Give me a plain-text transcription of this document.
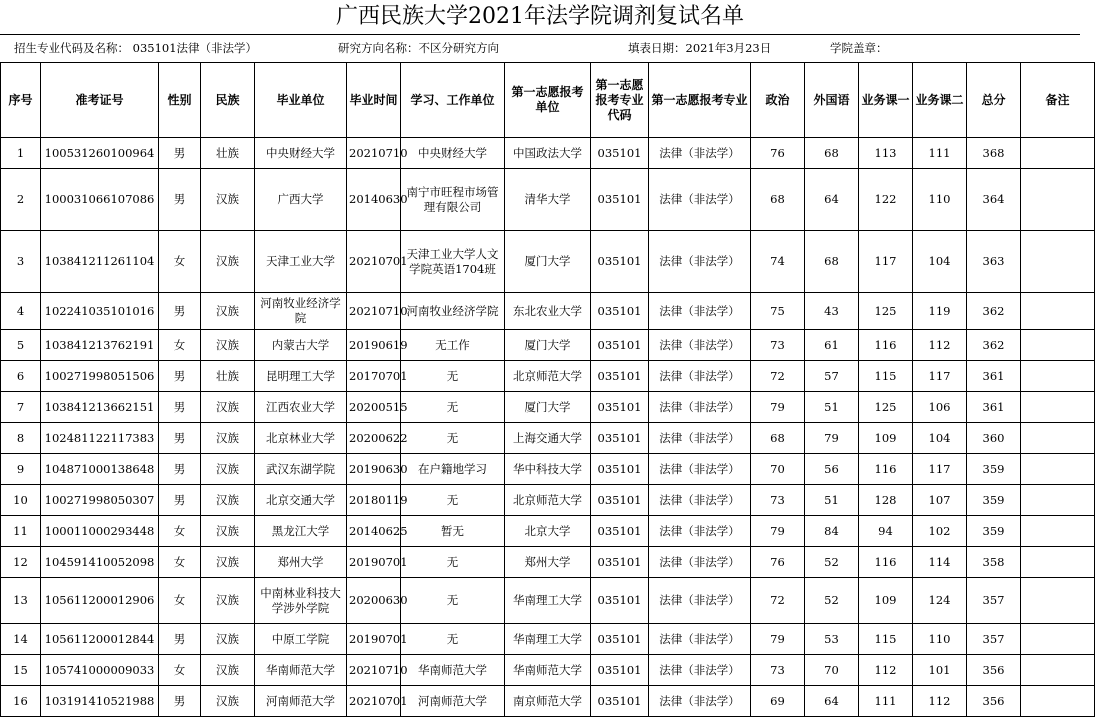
广西民族大学2021年法学院调剂复试名单
招生专业代码及名称： 035101法律（非法学）	研究方向名称：不区分研究方向	填表日期：2021年3月23日	学院盖章：
序号	准考证号	性别	民族	毕业单位	毕业时间	学习、工作单位	第一志愿报考单位	第一志愿报考专业代码	第一志愿报考专业	政治	外国语	业务课一	业务课二	总分	备注
1	100531260100964	男	壮族	中央财经大学	20210710	中央财经大学	中国政法大学	035101	法律（非法学）	76	68	113	111	368	
2	100031066107086	男	汉族	广西大学	20140630	南宁市旺程市场管理有限公司	清华大学	035101	法律（非法学）	68	64	122	110	364	
3	103841211261104	女	汉族	天津工业大学	20210701	天津工业大学人文学院英语1704班	厦门大学	035101	法律（非法学）	74	68	117	104	363	
4	102241035101016	男	汉族	河南牧业经济学院	20210710	河南牧业经济学院	东北农业大学	035101	法律（非法学）	75	43	125	119	362	
5	103841213762191	女	汉族	内蒙古大学	20190619	无工作	厦门大学	035101	法律（非法学）	73	61	116	112	362	
6	100271998051506	男	壮族	昆明理工大学	20170701	无	北京师范大学	035101	法律（非法学）	72	57	115	117	361	
7	103841213662151	男	汉族	江西农业大学	20200515	无	厦门大学	035101	法律（非法学）	79	51	125	106	361	
8	102481122117383	男	汉族	北京林业大学	20200622	无	上海交通大学	035101	法律（非法学）	68	79	109	104	360	
9	104871000138648	男	汉族	武汉东湖学院	20190630	在户籍地学习	华中科技大学	035101	法律（非法学）	70	56	116	117	359	
10	100271998050307	男	汉族	北京交通大学	20180119	无	北京师范大学	035101	法律（非法学）	73	51	128	107	359	
11	100011000293448	女	汉族	黑龙江大学	20140625	暂无	北京大学	035101	法律（非法学）	79	84	94	102	359	
12	104591410052098	女	汉族	郑州大学	20190701	无	郑州大学	035101	法律（非法学）	76	52	116	114	358	
13	105611200012906	女	汉族	中南林业科技大学涉外学院	20200630	无	华南理工大学	035101	法律（非法学）	72	52	109	124	357	
14	105611200012844	男	汉族	中原工学院	20190701	无	华南理工大学	035101	法律（非法学）	79	53	115	110	357	
15	105741000009033	女	汉族	华南师范大学	20210710	华南师范大学	华南师范大学	035101	法律（非法学）	73	70	112	101	356	
16	103191410521988	男	汉族	河南师范大学	20210701	河南师范大学	南京师范大学	035101	法律（非法学）	69	64	111	112	356	
